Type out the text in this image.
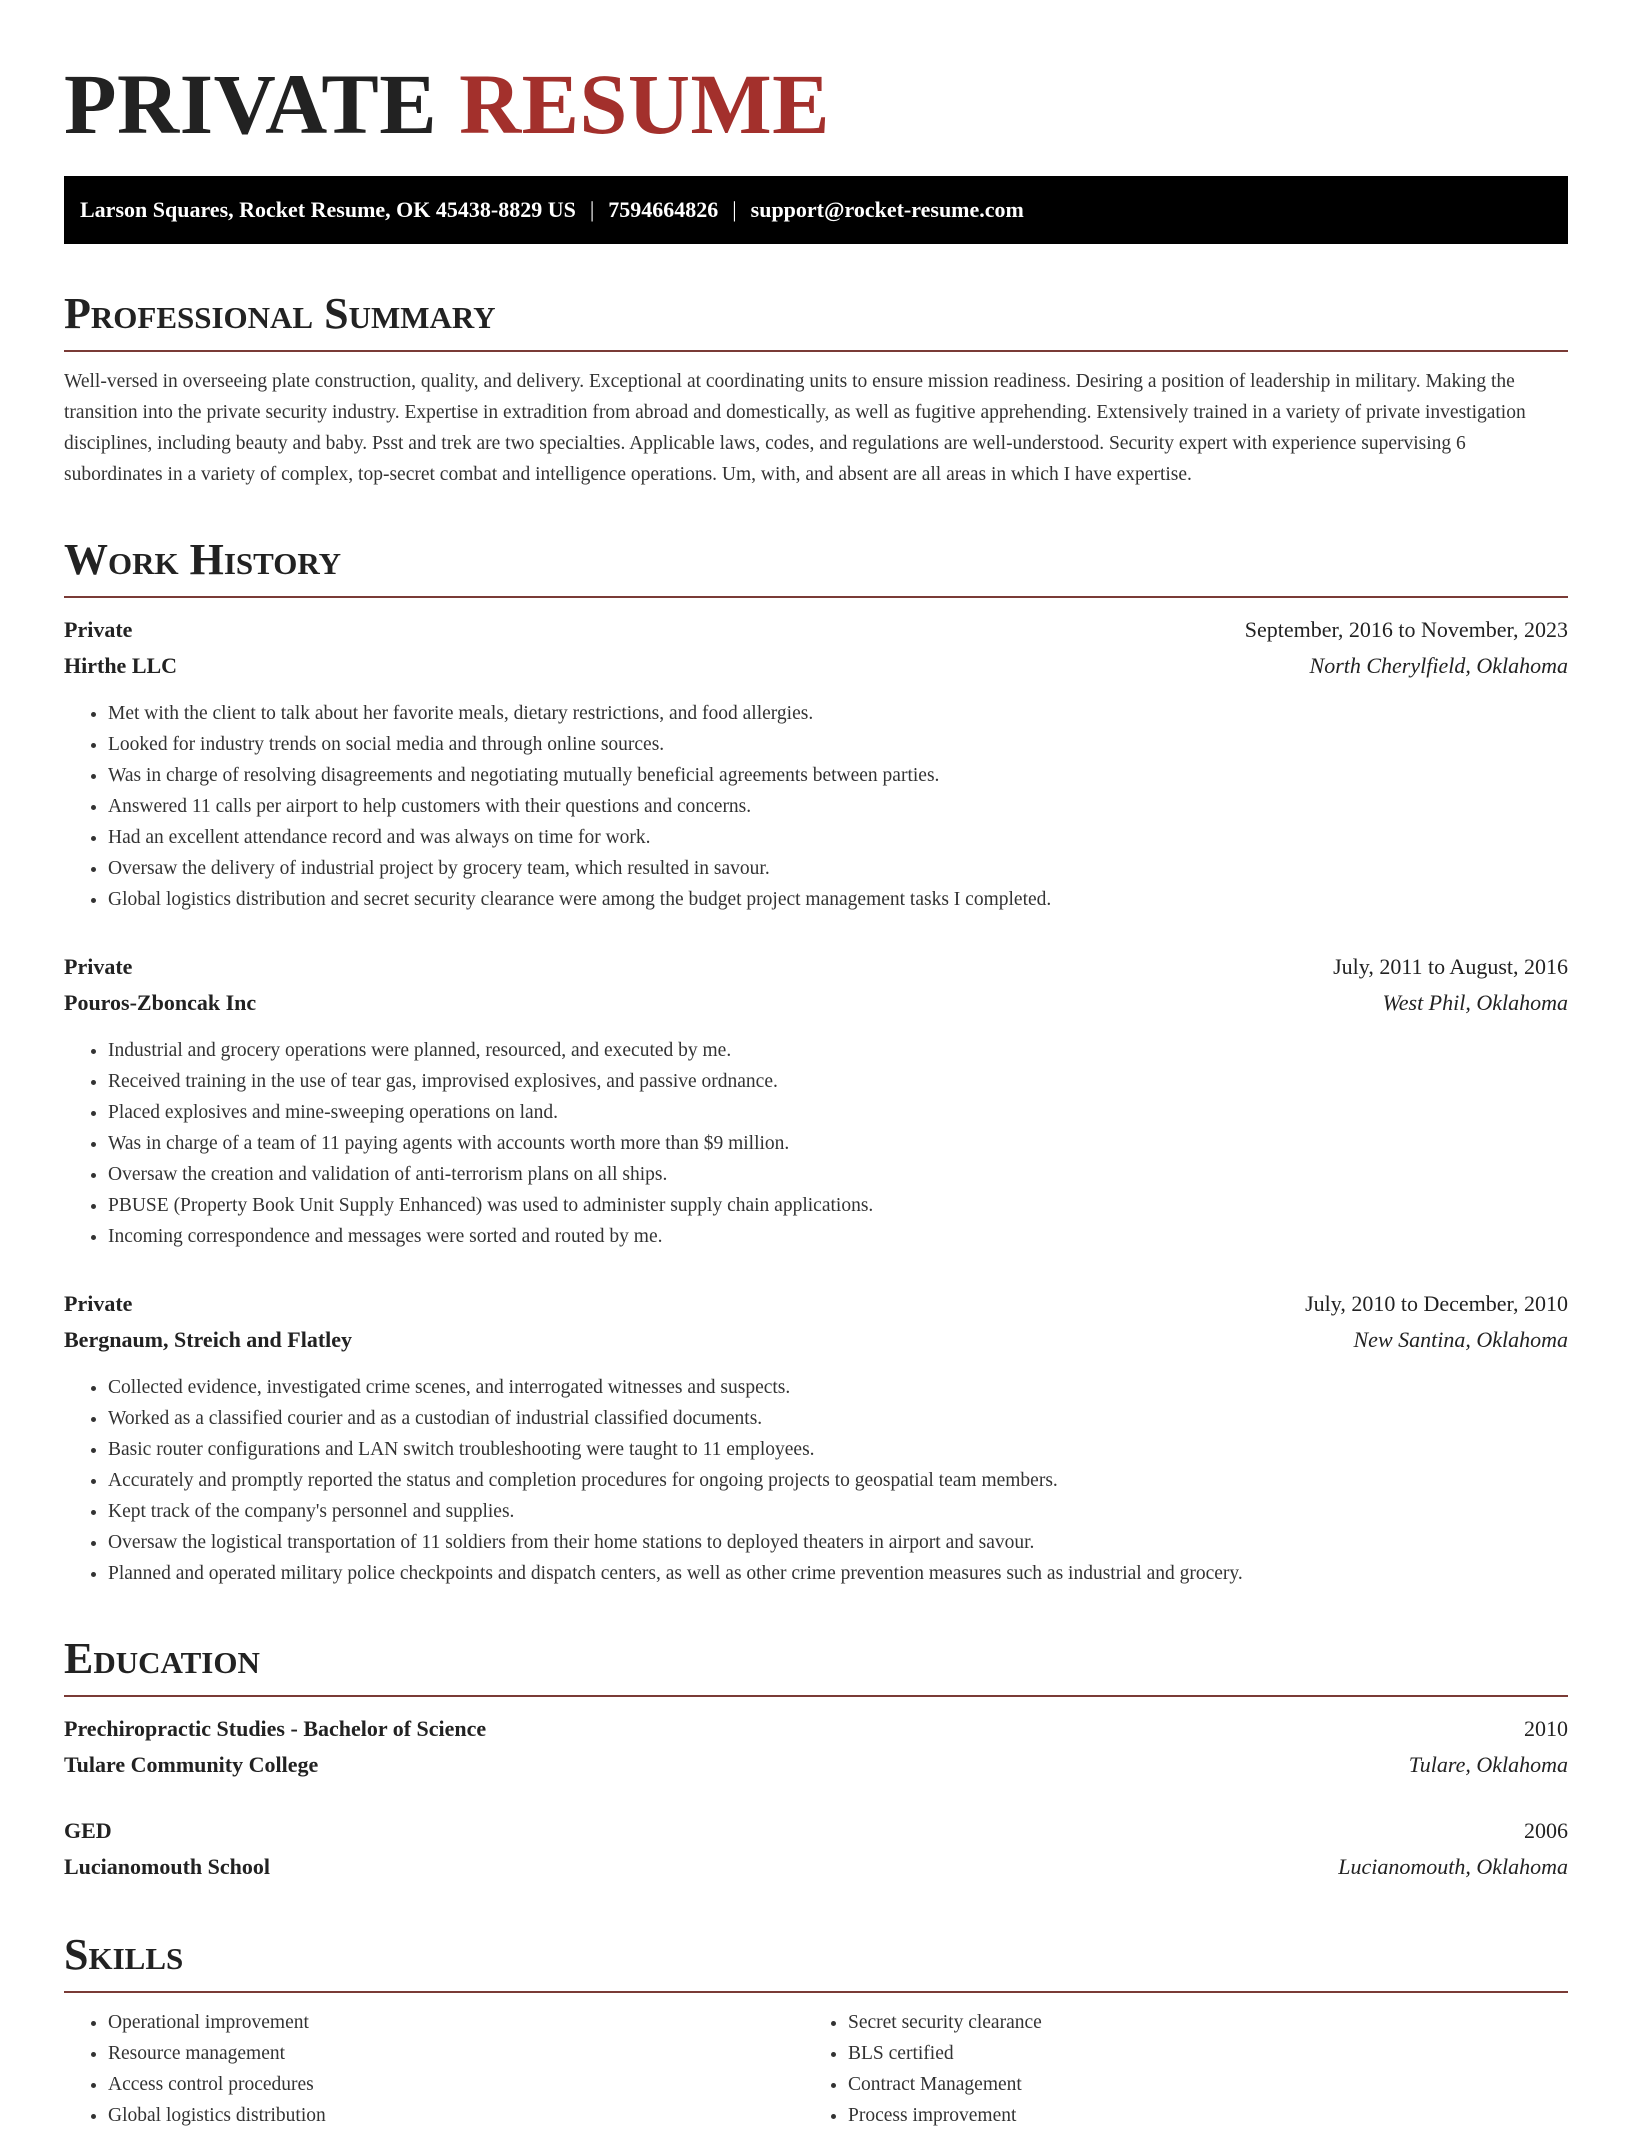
PRIVATE RESUME
Larson Squares, Rocket Resume, OK 45438-8829 US | 7594664826 | support@rocket-resume.com
Professional Summary

Well-versed in overseeing plate construction, quality, and delivery. Exceptional at coordinating units to ensure mission readiness. Desiring a position of leadership in military. Making the transition into the private security industry. Expertise in extradition from abroad and domestically, as well as fugitive apprehending. Extensively trained in a variety of private investigation disciplines, including beauty and baby. Psst and trek are two specialties. Applicable laws, codes, and regulations are well-understood. Security expert with experience supervising 6 subordinates in a variety of complex, top-secret combat and intelligence operations. Um, with, and absent are all areas in which I have expertise.

Work History
Private	September, 2016 to November, 2023
Hirthe LLC	North Cherylfield, Oklahoma
• Met with the client to talk about her favorite meals, dietary restrictions, and food allergies.
• Looked for industry trends on social media and through online sources.
• Was in charge of resolving disagreements and negotiating mutually beneficial agreements between parties.
• Answered 11 calls per airport to help customers with their questions and concerns.
• Had an excellent attendance record and was always on time for work.
• Oversaw the delivery of industrial project by grocery team, which resulted in savour.
• Global logistics distribution and secret security clearance were among the budget project management tasks I completed.
Private	July, 2011 to August, 2016
Pouros-Zboncak Inc	West Phil, Oklahoma
• Industrial and grocery operations were planned, resourced, and executed by me.
• Received training in the use of tear gas, improvised explosives, and passive ordnance.
• Placed explosives and mine-sweeping operations on land.
• Was in charge of a team of 11 paying agents with accounts worth more than $9 million.
• Oversaw the creation and validation of anti-terrorism plans on all ships.
• PBUSE (Property Book Unit Supply Enhanced) was used to administer supply chain applications.
• Incoming correspondence and messages were sorted and routed by me.
Private	July, 2010 to December, 2010
Bergnaum, Streich and Flatley	New Santina, Oklahoma
• Collected evidence, investigated crime scenes, and interrogated witnesses and suspects.
• Worked as a classified courier and as a custodian of industrial classified documents.
• Basic router configurations and LAN switch troubleshooting were taught to 11 employees.
• Accurately and promptly reported the status and completion procedures for ongoing projects to geospatial team members.
• Kept track of the company's personnel and supplies.
• Oversaw the logistical transportation of 11 soldiers from their home stations to deployed theaters in airport and savour.
• Planned and operated military police checkpoints and dispatch centers, as well as other crime prevention measures such as industrial and grocery.
Education
Prechiropractic Studies - Bachelor of Science	2010
Tulare Community College	Tulare, Oklahoma
GED	2006
Lucianomouth School	Lucianomouth, Oklahoma
Skills
• Operational improvement
• Resource management
• Access control procedures
• Global logistics distribution
• Secret security clearance
• BLS certified
• Contract Management
• Process improvement
